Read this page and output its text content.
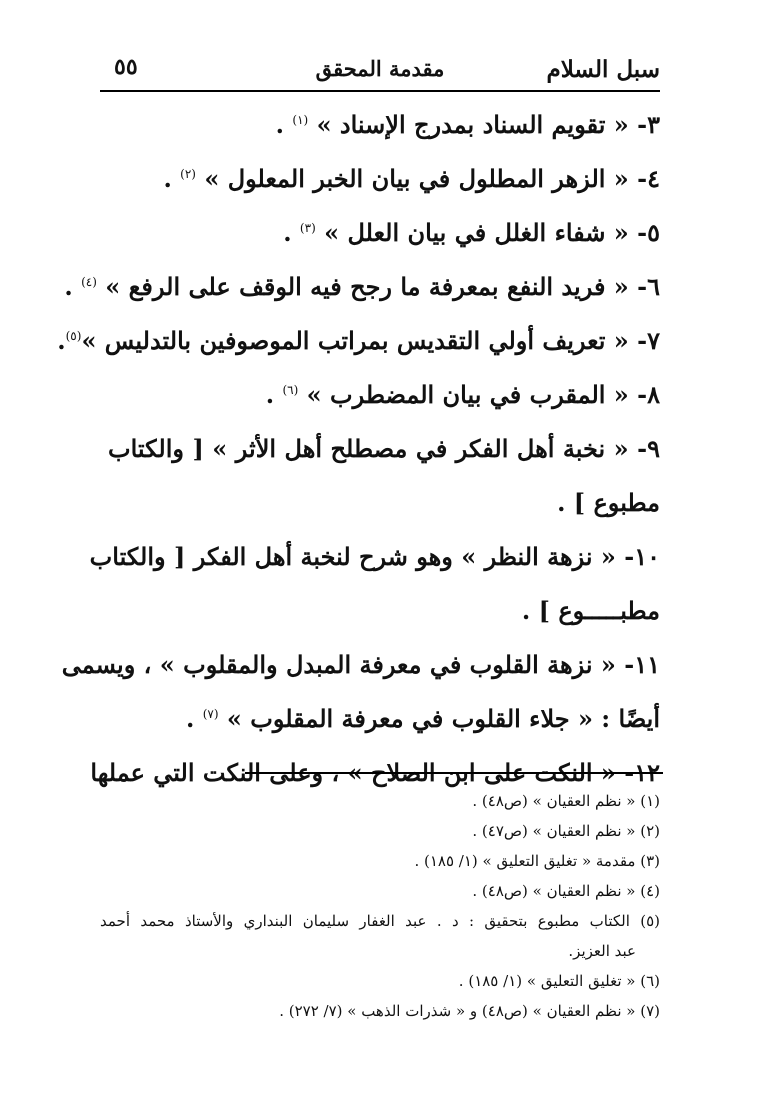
سبل السلام
مقدمة المحقق
٥٥
٣- « تقويم السناد بمدرج الإسناد » $^{(١)}$ .
٤- « الزهر المطلول في بيان الخبر المعلول » $^{(٢)}$ .
٥- « شفاء الغلل في بيان العلل » $^{(٣)}$ .
٦- « فريد النفع بمعرفة ما رجح فيه الوقف على الرفع » $^{(٤)}$ .
٧- « تعريف أولي التقديس بمراتب الموصوفين بالتدليس »$^{(٥)}$.
٨- « المقرب في بيان المضطرب » $^{(٦)}$ .
٩- « نخبة أهل الفكر في مصطلح أهل الأثر » [ والكتاب
مطبوع ] .
١٠- « نزهة النظر » وهو شرح لنخبة أهل الفكر [ والكتاب
مطبـــــوع ] .
١١- « نزهة القلوب في معرفة المبدل والمقلوب » ، ويسمى
أيضًا : « جلاء القلوب في معرفة المقلوب » $^{(٧)}$ .
١٢- « النكت على ابن الصلاح » ، وعلى النكت التي عملها
(١) « نظم العقيان » (ص٤٨) .
(٢) « نظم العقيان » (ص٤٧) .
(٣) مقدمة « تغليق التعليق » (١/ ١٨٥) .
(٤) « نظم العقيان » (ص٤٨) .
(٥) الكتاب مطبوع بتحقيق : د . عبد الغفار سليمان البنداري والأستاذ محمد أحمد
عبد العزيز.
(٦) « تغليق التعليق » (١/ ١٨٥) .
(٧) « نظم العقيان » (ص٤٨) و « شذرات الذهب » (٧/ ٢٧٢) .
